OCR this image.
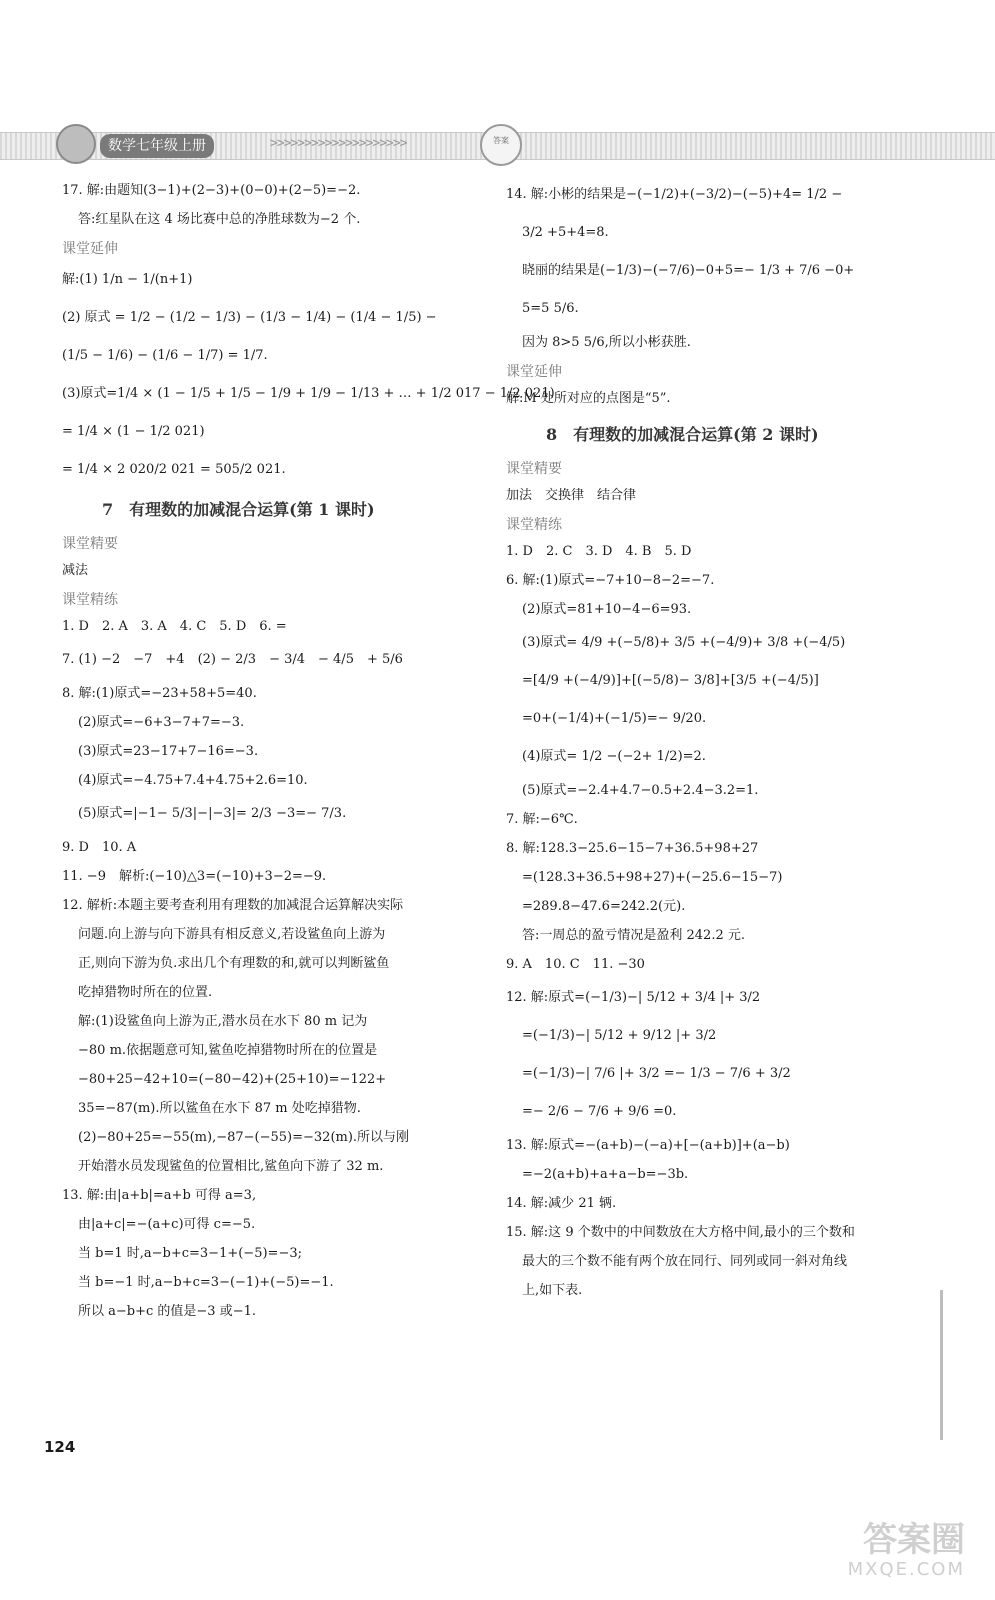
数学七年级上册	>>>>>>>>>>>>>>>>>>>>	答案
17. 解:由题知(3−1)+(2−3)+(0−0)+(2−5)=−2.
答:红星队在这 4 场比赛中总的净胜球数为−2 个.
课堂延伸
解:(1) 1/n − 1/(n+1)
(2) 原式 = 1/2 − (1/2 − 1/3) − (1/3 − 1/4) − (1/4 − 1/5) −
(1/5 − 1/6) − (1/6 − 1/7) = 1/7.
(3)原式=1/4 × (1 − 1/5 + 1/5 − 1/9 + 1/9 − 1/13 + … + 1/2 017 − 1/2 021)
= 1/4 × (1 − 1/2 021)
= 1/4 × 2 020/2 021 = 505/2 021.
7　有理数的加减混合运算(第 1 课时)
课堂精要
减法
课堂精练
1. D　2. A　3. A　4. C　5. D　6. =
7. (1) −2　−7　+4　(2) − 2/3　− 3/4　− 4/5　+ 5/6
8. 解:(1)原式=−23+58+5=40.
(2)原式=−6+3−7+7=−3.
(3)原式=23−17+7−16=−3.
(4)原式=−4.75+7.4+4.75+2.6=10.
(5)原式=|−1− 5/3|−|−3|= 2/3 −3=− 7/3.
9. D　10. A
11. −9　解析:(−10)△3=(−10)+3−2=−9.
12. 解析:本题主要考查利用有理数的加减混合运算解决实际
问题.向上游与向下游具有相反意义,若设鲨鱼向上游为
正,则向下游为负.求出几个有理数的和,就可以判断鲨鱼
吃掉猎物时所在的位置.
解:(1)设鲨鱼向上游为正,潜水员在水下 80 m 记为
−80 m.依据题意可知,鲨鱼吃掉猎物时所在的位置是
−80+25−42+10=(−80−42)+(25+10)=−122+
35=−87(m).所以鲨鱼在水下 87 m 处吃掉猎物.
(2)−80+25=−55(m),−87−(−55)=−32(m).所以与刚
开始潜水员发现鲨鱼的位置相比,鲨鱼向下游了 32 m.
13. 解:由|a+b|=a+b 可得 a=3,
由|a+c|=−(a+c)可得 c=−5.
当 b=1 时,a−b+c=3−1+(−5)=−3;
当 b=−1 时,a−b+c=3−(−1)+(−5)=−1.
所以 a−b+c 的值是−3 或−1.
14. 解:小彬的结果是−(−1/2)+(−3/2)−(−5)+4= 1/2 −
3/2 +5+4=8.
晓丽的结果是(−1/3)−(−7/6)−0+5=− 1/3 + 7/6 −0+
5=5 5/6.
因为 8>5 5/6,所以小彬获胜.
课堂延伸
解:M 处所对应的点图是“5”.
8　有理数的加减混合运算(第 2 课时)
课堂精要
加法　交换律　结合律
课堂精练
1. D　2. C　3. D　4. B　5. D
6. 解:(1)原式=−7+10−8−2=−7.
(2)原式=81+10−4−6=93.
(3)原式= 4/9 +(−5/8)+ 3/5 +(−4/9)+ 3/8 +(−4/5)
=[4/9 +(−4/9)]+[(−5/8)− 3/8]+[3/5 +(−4/5)]
=0+(−1/4)+(−1/5)=− 9/20.
(4)原式= 1/2 −(−2+ 1/2)=2.
(5)原式=−2.4+4.7−0.5+2.4−3.2=1.
7. 解:−6℃.
8. 解:128.3−25.6−15−7+36.5+98+27
=(128.3+36.5+98+27)+(−25.6−15−7)
=289.8−47.6=242.2(元).
答:一周总的盈亏情况是盈利 242.2 元.
9. A　10. C　11. −30
12. 解:原式=(−1/3)−| 5/12 + 3/4 |+ 3/2
=(−1/3)−| 5/12 + 9/12 |+ 3/2
=(−1/3)−| 7/6 |+ 3/2 =− 1/3 − 7/6 + 3/2
=− 2/6 − 7/6 + 9/6 =0.
13. 解:原式=−(a+b)−(−a)+[−(a+b)]+(a−b)
=−2(a+b)+a+a−b=−3b.
14. 解:减少 21 辆.
15. 解:这 9 个数中的中间数放在大方格中间,最小的三个数和
最大的三个数不能有两个放在同行、同列或同一斜对角线
上,如下表.
124
答案圈
MXQE.COM
